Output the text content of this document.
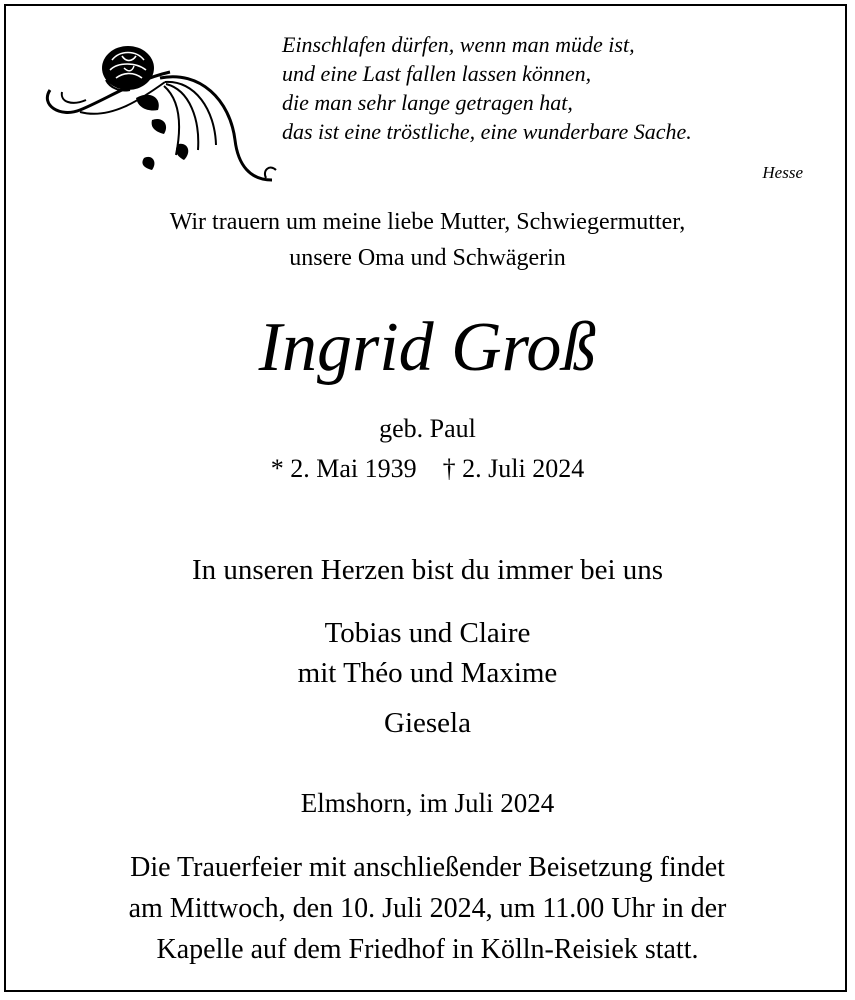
Einschlafen dürfen, wenn man müde ist,
und eine Last fallen lassen können,
die man sehr lange getragen hat,
das ist eine tröstliche, eine wunderbare Sache.
Hesse
Wir trauern um meine liebe Mutter, Schwiegermutter,
unsere Oma und Schwägerin
Ingrid Groß
geb. Paul
* 2. Mai 1939 † 2. Juli 2024
In unseren Herzen bist du immer bei uns
Tobias und Claire
mit Théo und Maxime
Giesela
Elmshorn, im Juli 2024
Die Trauerfeier mit anschließender Beisetzung findet
am Mittwoch, den 10. Juli 2024, um 11.00 Uhr in der
Kapelle auf dem Friedhof in Kölln-Reisiek statt.
